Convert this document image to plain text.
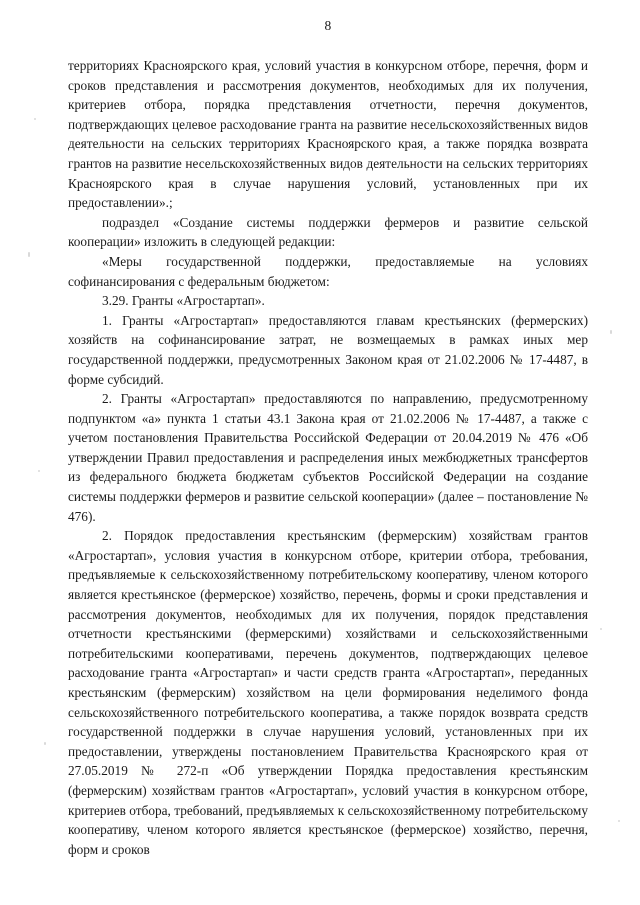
8

территориях Красноярского края, условий участия в конкурсном отборе, перечня, форм и сроков представления и рассмотрения документов, необходимых для их получения, критериев отбора, порядка представления отчетности, перечня документов, подтверждающих целевое расходование гранта на развитие несельскохозяйственных видов деятельности на сельских территориях Красноярского края, а также порядка возврата грантов на развитие несельскохозяйственных видов деятельности на сельских территориях Красноярского края в случае нарушения условий, установленных при их предоставлении».;

подраздел «Создание системы поддержки фермеров и развитие сельской кооперации» изложить в следующей редакции:

«Меры государственной поддержки, предоставляемые на условиях софинансирования с федеральным бюджетом:

3.29. Гранты «Агростартап».

1. Гранты «Агростартап» предоставляются главам крестьянских (фермерских) хозяйств на софинансирование затрат, не возмещаемых в рамках иных мер государственной поддержки, предусмотренных Законом края от 21.02.2006 № 17-4487, в форме субсидий.

2. Гранты «Агростартап» предоставляются по направлению, предусмотренному подпунктом «а» пункта 1 статьи 43.1 Закона края от 21.02.2006 № 17-4487, а также с учетом постановления Правительства Российской Федерации от 20.04.2019 № 476 «Об утверждении Правил предоставления и распределения иных межбюджетных трансфертов из федерального бюджета бюджетам субъектов Российской Федерации на создание системы поддержки фермеров и развитие сельской кооперации» (далее – постановление № 476).

2. Порядок предоставления крестьянским (фермерским) хозяйствам грантов «Агростартап», условия участия в конкурсном отборе, критерии отбора, требования, предъявляемые к сельскохозяйственному потребительскому кооперативу, членом которого является крестьянское (фермерское) хозяйство, перечень, формы и сроки представления и рассмотрения документов, необходимых для их получения, порядок представления отчетности крестьянскими (фермерскими) хозяйствами и сельскохозяйственными потребительскими кооперативами, перечень документов, подтверждающих целевое расходование гранта «Агростартап» и части средств гранта «Агростартап», переданных крестьянским (фермерским) хозяйством на цели формирования неделимого фонда сельскохозяйственного потребительского кооператива, а также порядок возврата средств государственной поддержки в случае нарушения условий, установленных при их предоставлении, утверждены постановлением Правительства Красноярского края от 27.05.2019 № 272-п «Об утверждении Порядка предоставления крестьянским (фермерским) хозяйствам грантов «Агростартап», условий участия в конкурсном отборе, критериев отбора, требований, предъявляемых к сельскохозяйственному потребительскому кооперативу, членом которого является крестьянское (фермерское) хозяйство, перечня, форм и сроков
